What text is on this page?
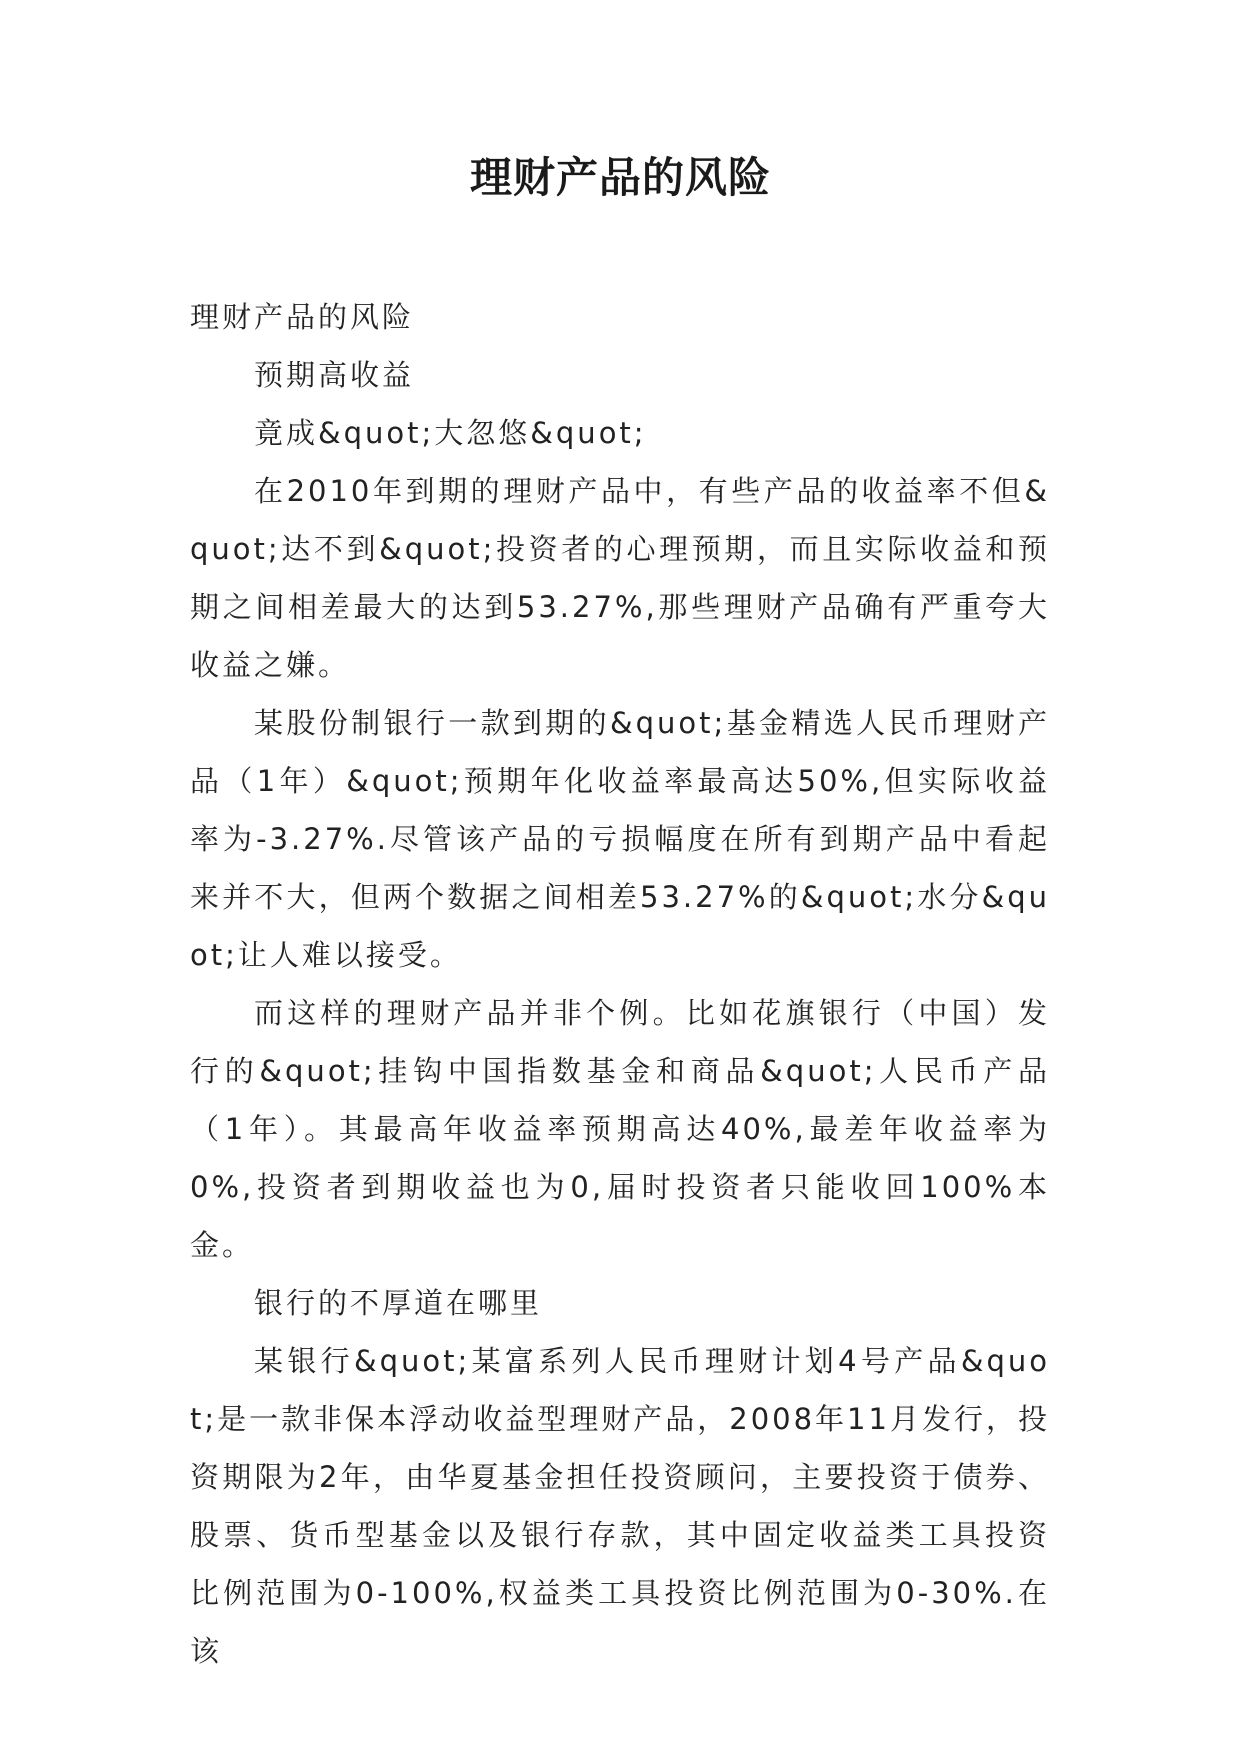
理财产品的风险

理财产品的风险

预期高收益

竟成&quot;大忽悠&quot;

在2010年到期的理财产品中，有些产品的收益率不但&quot;达不到&quot;投资者的心理预期，而且实际收益和预期之间相差最大的达到53.27%,那些理财产品确有严重夸大收益之嫌。

某股份制银行一款到期的&quot;基金精选人民币理财产品（1年）&quot;预期年化收益率最高达50%,但实际收益率为-3.27%.尽管该产品的亏损幅度在所有到期产品中看起来并不大，但两个数据之间相差53.27%的&quot;水分&quot;让人难以接受。

而这样的理财产品并非个例。比如花旗银行（中国）发行的&quot;挂钩中国指数基金和商品&quot;人民币产品（1年）。其最高年收益率预期高达40%,最差年收益率为0%,投资者到期收益也为0,届时投资者只能收回100%本金。

银行的不厚道在哪里

某银行&quot;某富系列人民币理财计划4号产品&quot;是一款非保本浮动收益型理财产品，2008年11月发行，投资期限为2年，由华夏基金担任投资顾问，主要投资于债券、股票、货币型基金以及银行存款，其中固定收益类工具投资比例范围为0-100%,权益类工具投资比例范围为0-30%.在该
